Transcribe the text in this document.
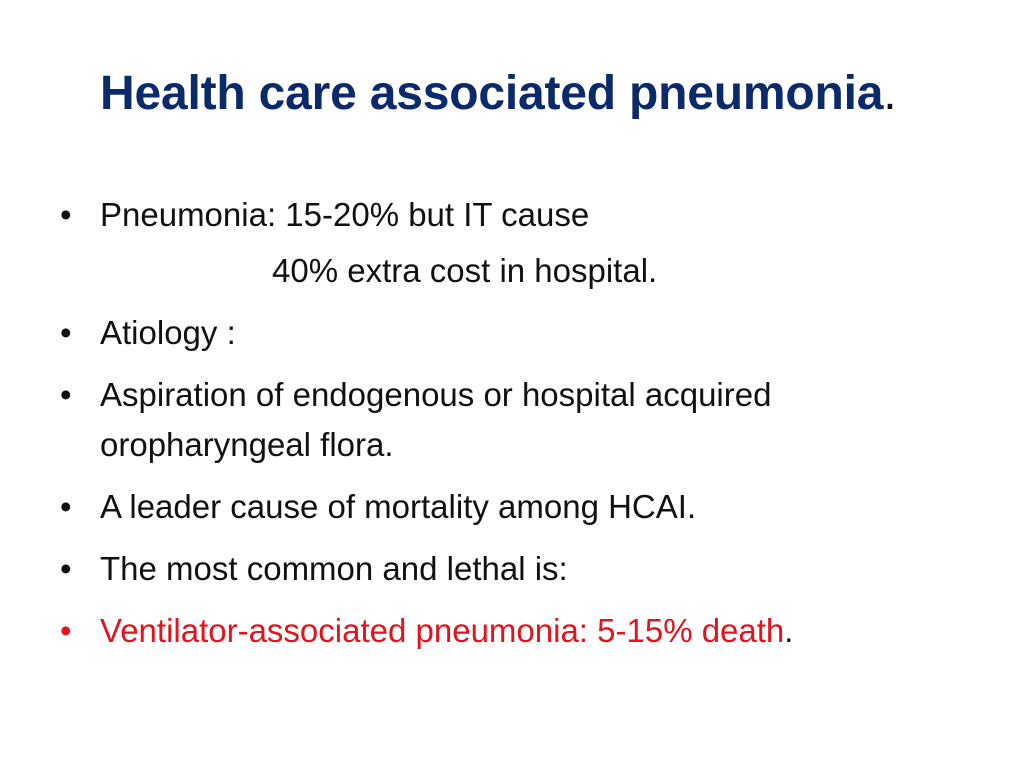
Health care associated pneumonia.
• Pneumonia: 15-20% but IT cause
40% extra cost in hospital.
• Atiology :
• Aspiration of endogenous or hospital acquired oropharyngeal flora.
• A leader cause of mortality among HCAI.
• The most common and lethal is:
• Ventilator-associated pneumonia: 5-15% death.
